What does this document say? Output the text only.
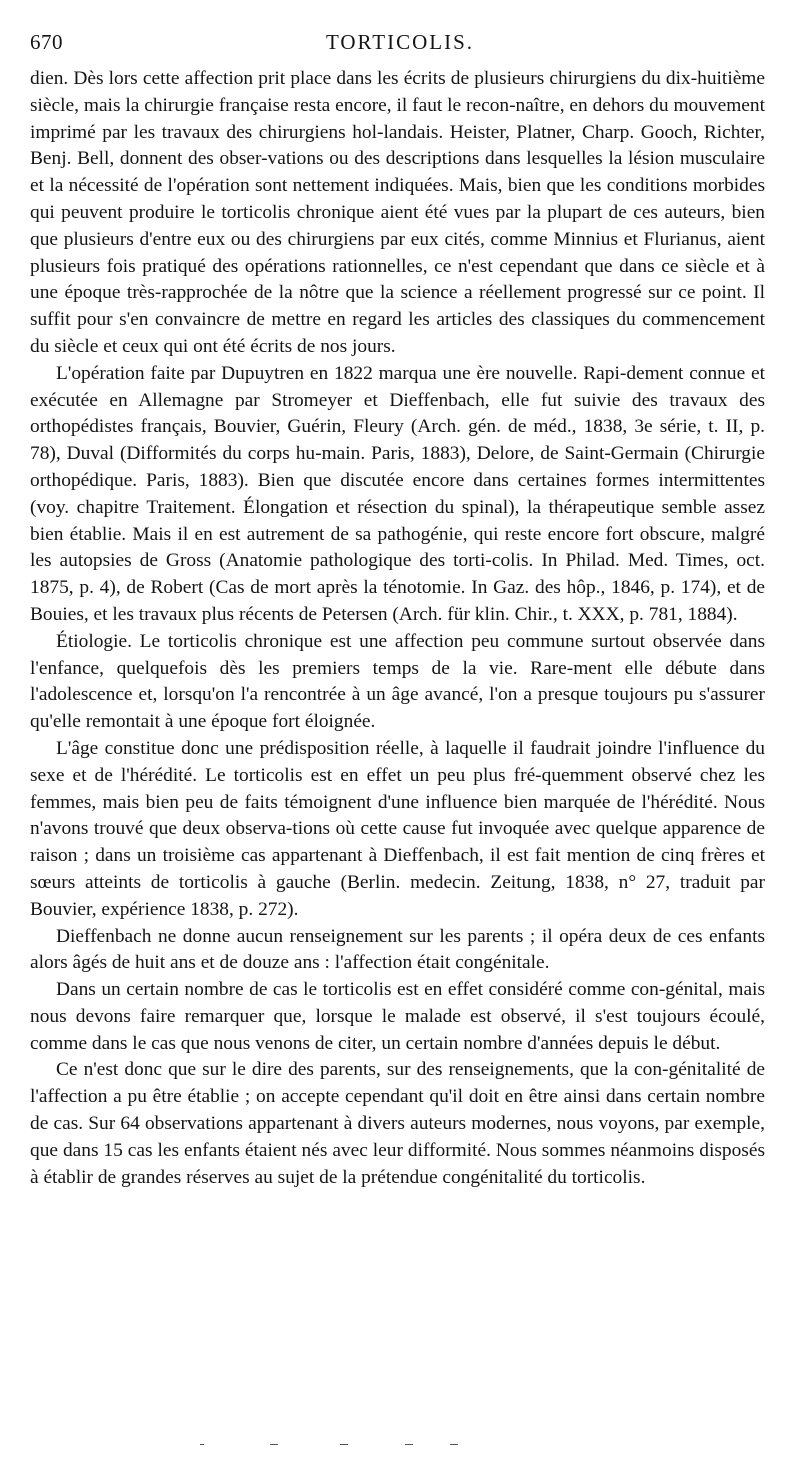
670	TORTICOLIS.

dien. Dès lors cette affection prit place dans les écrits de plusieurs chirurgiens du dix-huitième siècle, mais la chirurgie française resta encore, il faut le recon-naître, en dehors du mouvement imprimé par les travaux des chirurgiens hol-landais. Heister, Platner, Charp. Gooch, Richter, Benj. Bell, donnent des obser-vations ou des descriptions dans lesquelles la lésion musculaire et la nécessité de l'opération sont nettement indiquées. Mais, bien que les conditions morbides qui peuvent produire le torticolis chronique aient été vues par la plupart de ces auteurs, bien que plusieurs d'entre eux ou des chirurgiens par eux cités, comme Minnius et Flurianus, aient plusieurs fois pratiqué des opérations rationnelles, ce n'est cependant que dans ce siècle et à une époque très-rapprochée de la nôtre que la science a réellement progressé sur ce point. Il suffit pour s'en convaincre de mettre en regard les articles des classiques du commencement du siècle et ceux qui ont été écrits de nos jours.

L'opération faite par Dupuytren en 1822 marqua une ère nouvelle. Rapi-dement connue et exécutée en Allemagne par Stromeyer et Dieffenbach, elle fut suivie des travaux des orthopédistes français, Bouvier, Guérin, Fleury (Arch. gén. de méd., 1838, 3e série, t. II, p. 78), Duval (Difformités du corps hu-main. Paris, 1883), Delore, de Saint-Germain (Chirurgie orthopédique. Paris, 1883). Bien que discutée encore dans certaines formes intermittentes (voy. chapitre Traitement. Élongation et résection du spinal), la thérapeutique semble assez bien établie. Mais il en est autrement de sa pathogénie, qui reste encore fort obscure, malgré les autopsies de Gross (Anatomie pathologique des torti-colis. In Philad. Med. Times, oct. 1875, p. 4), de Robert (Cas de mort après la ténotomie. In Gaz. des hôp., 1846, p. 174), et de Bouies, et les travaux plus récents de Petersen (Arch. für klin. Chir., t. XXX, p. 781, 1884).

Étiologie. Le torticolis chronique est une affection peu commune surtout observée dans l'enfance, quelquefois dès les premiers temps de la vie. Rare-ment elle débute dans l'adolescence et, lorsqu'on l'a rencontrée à un âge avancé, l'on a presque toujours pu s'assurer qu'elle remontait à une époque fort éloignée.

L'âge constitue donc une prédisposition réelle, à laquelle il faudrait joindre l'influence du sexe et de l'hérédité. Le torticolis est en effet un peu plus fré-quemment observé chez les femmes, mais bien peu de faits témoignent d'une influence bien marquée de l'hérédité. Nous n'avons trouvé que deux observa-tions où cette cause fut invoquée avec quelque apparence de raison ; dans un troisième cas appartenant à Dieffenbach, il est fait mention de cinq frères et sœurs atteints de torticolis à gauche (Berlin. medecin. Zeitung, 1838, n° 27, traduit par Bouvier, expérience 1838, p. 272).

Dieffenbach ne donne aucun renseignement sur les parents ; il opéra deux de ces enfants alors âgés de huit ans et de douze ans : l'affection était congénitale.

Dans un certain nombre de cas le torticolis est en effet considéré comme con-génital, mais nous devons faire remarquer que, lorsque le malade est observé, il s'est toujours écoulé, comme dans le cas que nous venons de citer, un certain nombre d'années depuis le début.

Ce n'est donc que sur le dire des parents, sur des renseignements, que la con-génitalité de l'affection a pu être établie ; on accepte cependant qu'il doit en être ainsi dans certain nombre de cas. Sur 64 observations appartenant à divers auteurs modernes, nous voyons, par exemple, que dans 15 cas les enfants étaient nés avec leur difformité. Nous sommes néanmoins disposés à établir de grandes réserves au sujet de la prétendue congénitalité du torticolis.
